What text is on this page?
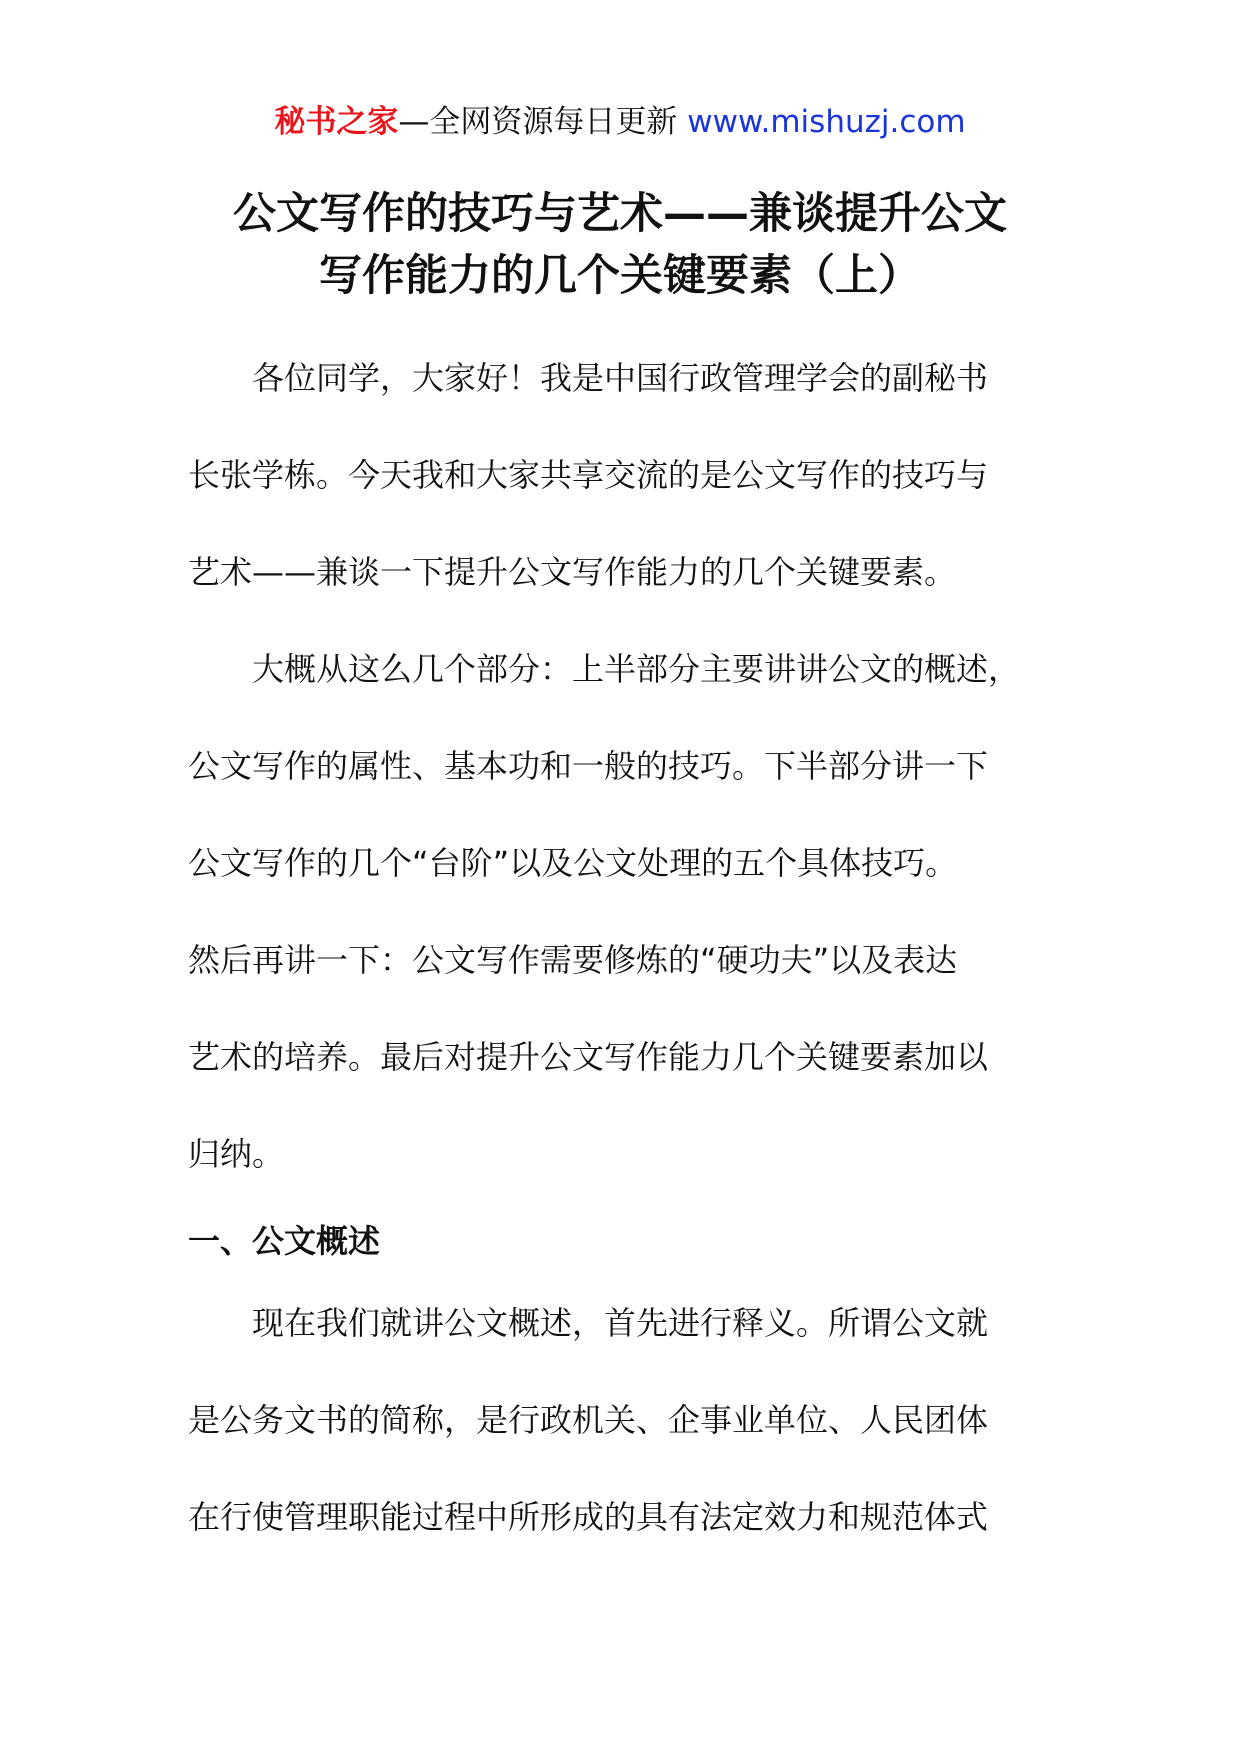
秘书之家—全网资源每日更新 www.mishuzj.com
公文写作的技巧与艺术——兼谈提升公文
写作能力的几个关键要素（上）

各位同学，大家好！我是中国行政管理学会的副秘书
长张学栋。今天我和大家共享交流的是公文写作的技巧与
艺术——兼谈一下提升公文写作能力的几个关键要素。

大概从这么几个部分：上半部分主要讲讲公文的概述，
公文写作的属性、基本功和一般的技巧。下半部分讲一下
公文写作的几个“台阶”以及公文处理的五个具体技巧。
然后再讲一下：公文写作需要修炼的“硬功夫”以及表达
艺术的培养。最后对提升公文写作能力几个关键要素加以
归纳。

一、公文概述

现在我们就讲公文概述，首先进行释义。所谓公文就
是公务文书的简称，是行政机关、企事业单位、人民团体
在行使管理职能过程中所形成的具有法定效力和规范体式
